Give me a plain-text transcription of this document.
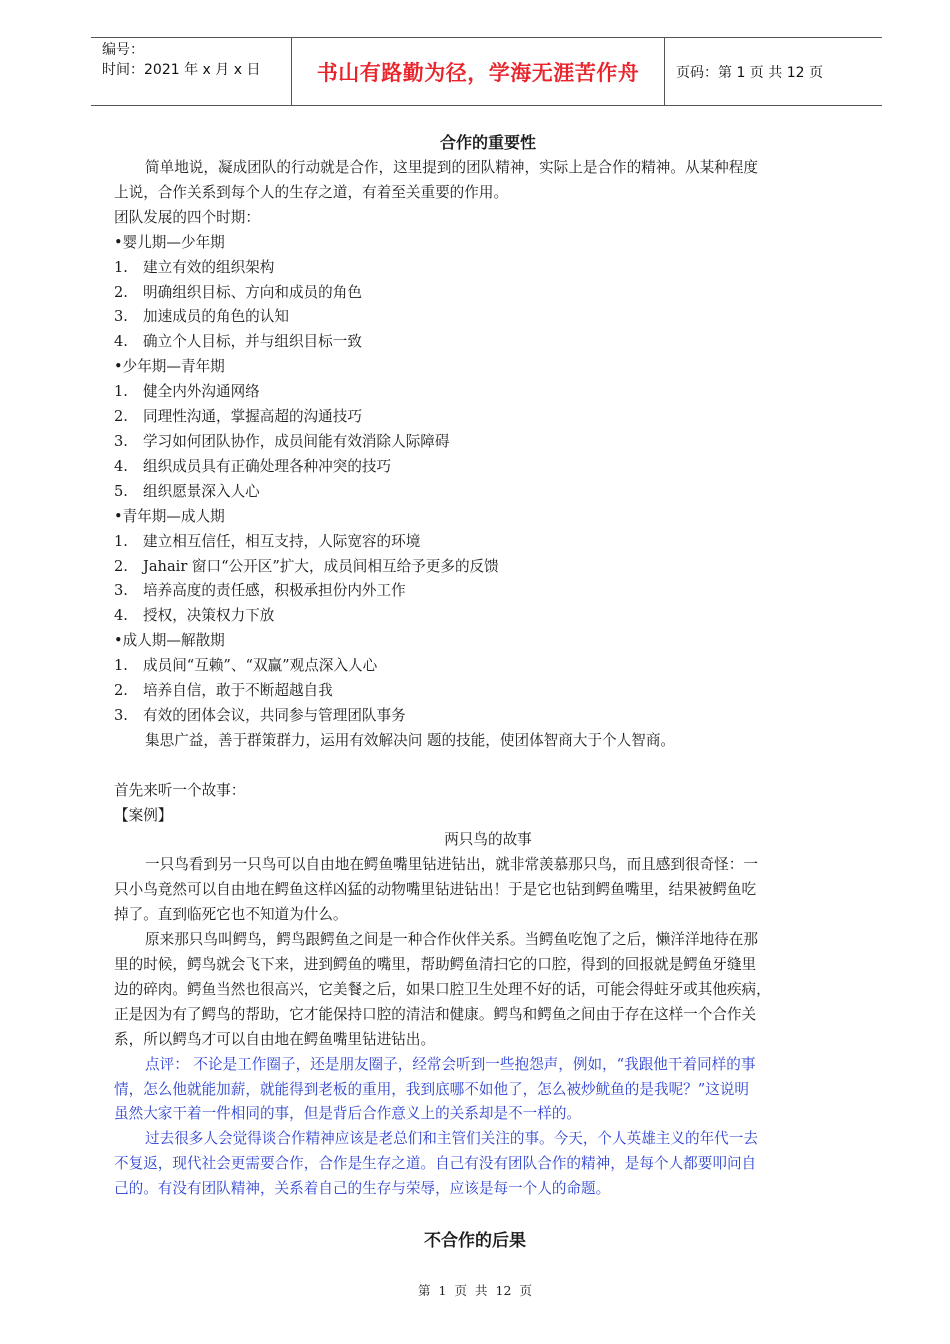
编号：
时间：2021 年 x 月 x 日	书山有路勤为径，学海无涯苦作舟	页码：第 1 页 共 12 页
合作的重要性
简单地说，凝成团队的行动就是合作，这里提到的团队精神，实际上是合作的精神。从某种程度
上说，合作关系到每个人的生存之道，有着至关重要的作用。
团队发展的四个时期：
•婴儿期—少年期
1. 建立有效的组织架构
2. 明确组织目标、方向和成员的角色
3. 加速成员的角色的认知
4. 确立个人目标，并与组织目标一致
•少年期—青年期
1. 健全内外沟通网络
2. 同理性沟通，掌握高超的沟通技巧
3. 学习如何团队协作，成员间能有效消除人际障碍
4. 组织成员具有正确处理各种冲突的技巧
5. 组织愿景深入人心
•青年期—成人期
1. 建立相互信任，相互支持，人际宽容的环境
2. Jahair 窗口“公开区”扩大，成员间相互给予更多的反馈
3. 培养高度的责任感，积极承担份内外工作
4. 授权，决策权力下放
•成人期—解散期
1. 成员间“互赖”、“双赢”观点深入人心
2. 培养自信，敢于不断超越自我
3. 有效的团体会议，共同参与管理团队事务
集思广益，善于群策群力，运用有效解决问 题的技能，使团体智商大于个人智商。
首先来听一个故事：
【案例】
两只鸟的故事
一只鸟看到另一只鸟可以自由地在鳄鱼嘴里钻进钻出，就非常羡慕那只鸟，而且感到很奇怪：一
只小鸟竟然可以自由地在鳄鱼这样凶猛的动物嘴里钻进钻出！于是它也钻到鳄鱼嘴里，结果被鳄鱼吃
掉了。直到临死它也不知道为什么。
原来那只鸟叫鳄鸟，鳄鸟跟鳄鱼之间是一种合作伙伴关系。当鳄鱼吃饱了之后，懒洋洋地待在那
里的时候，鳄鸟就会飞下来，进到鳄鱼的嘴里，帮助鳄鱼清扫它的口腔，得到的回报就是鳄鱼牙缝里
边的碎肉。鳄鱼当然也很高兴，它美餐之后，如果口腔卫生处理不好的话，可能会得蛀牙或其他疾病，
正是因为有了鳄鸟的帮助，它才能保持口腔的清洁和健康。鳄鸟和鳄鱼之间由于存在这样一个合作关
系，所以鳄鸟才可以自由地在鳄鱼嘴里钻进钻出。
点评： 不论是工作圈子，还是朋友圈子，经常会听到一些抱怨声，例如，“我跟他干着同样的事
情，怎么他就能加薪，就能得到老板的重用，我到底哪不如他了，怎么被炒鱿鱼的是我呢？”这说明
虽然大家干着一件相同的事，但是背后合作意义上的关系却是不一样的。
过去很多人会觉得谈合作精神应该是老总们和主管们关注的事。今天，个人英雄主义的年代一去
不复返，现代社会更需要合作，合作是生存之道。自己有没有团队合作的精神，是每个人都要叩问自
己的。有没有团队精神，关系着自己的生存与荣辱，应该是每一个人的命题。
不合作的后果
第 1 页 共 12 页
